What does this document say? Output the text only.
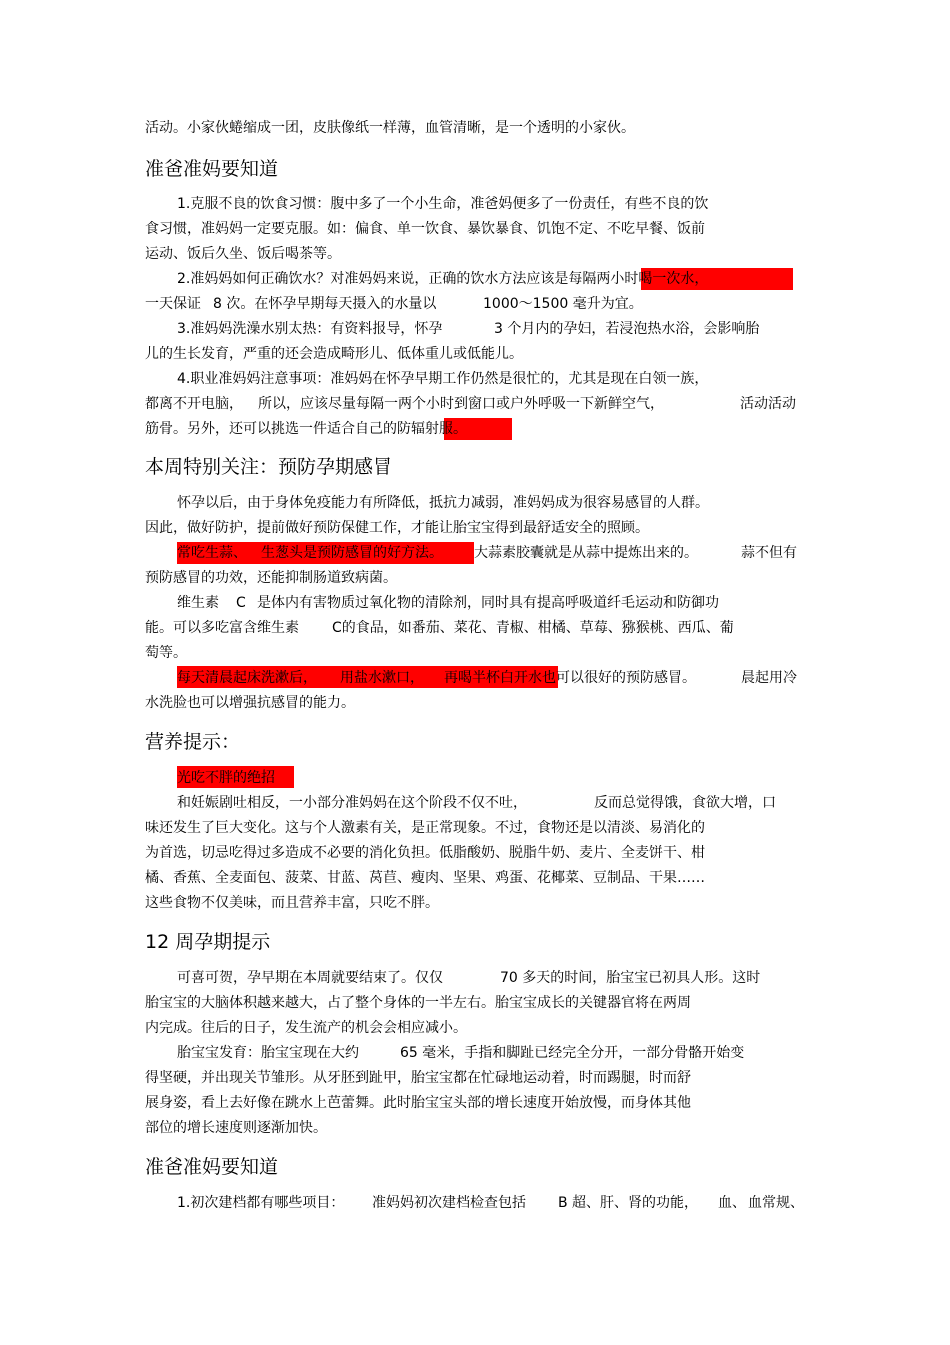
活动。小家伙蜷缩成一团，皮肤像纸一样薄，血管清晰，是一个透明的小家伙。
准爸准妈要知道
1.克服不良的饮食习惯：腹中多了一个小生命，准爸妈便多了一份责任，有些不良的饮
食习惯，准妈妈一定要克服。如：偏食、单一饮食、暴饮暴食、饥饱不定、不吃早餐、饭前
运动、饭后久坐、饭后喝茶等。
2.准妈妈如何正确饮水？对准妈妈来说，正确的饮水方法应该是每隔两小时喝一次水，
一天保证 8 次。在怀孕早期每天摄入的水量以	1000～1500 毫升为宜。
3.准妈妈洗澡水别太热：有资料报导，怀孕	3 个月内的孕妇，若浸泡热水浴，会影响胎
儿的生长发育，严重的还会造成畸形儿、低体重儿或低能儿。
4.职业准妈妈注意事项：准妈妈在怀孕早期工作仍然是很忙的，尤其是现在白领一族，
都离不开电脑， 所以，应该尽量每隔一两个小时到窗口或户外呼吸一下新鲜空气，	活动活动
筋骨。另外，还可以挑选一件适合自己的防辐射服。
本周特别关注：预防孕期感冒
怀孕以后，由于身体免疫能力有所降低，抵抗力减弱，准妈妈成为很容易感冒的人群。
因此，做好防护，提前做好预防保健工作，才能让胎宝宝得到最舒适安全的照顾。
常吃生蒜、 生葱头是预防感冒的好方法。 大蒜素胶囊就是从蒜中提炼出来的。	蒜不但有
预防感冒的功效，还能抑制肠道致病菌。
维生素 C 是体内有害物质过氧化物的清除剂，同时具有提高呼吸道纤毛运动和防御功
能。可以多吃富含维生素 C的食品，如番茄、菜花、青椒、柑橘、草莓、猕猴桃、西瓜、葡
萄等。
每天清晨起床洗漱后， 用盐水漱口， 再喝半杯白开水也可以很好的预防感冒。	晨起用冷
水洗脸也可以增强抗感冒的能力。
营养提示：
光吃不胖的绝招
和妊娠剧吐相反，一小部分准妈妈在这个阶段不仅不吐，	反而总觉得饿，食欲大增，口
味还发生了巨大变化。这与个人激素有关，是正常现象。不过，食物还是以清淡、易消化的
为首选，切忌吃得过多造成不必要的消化负担。低脂酸奶、脱脂牛奶、麦片、全麦饼干、柑
橘、香蕉、全麦面包、菠菜、甘蓝、莴苣、瘦肉、坚果、鸡蛋、花椰菜、豆制品、干果……
这些食物不仅美味，而且营养丰富，只吃不胖。
12 周孕期提示
可喜可贺，孕早期在本周就要结束了。仅仅	70 多天的时间，胎宝宝已初具人形。这时
胎宝宝的大脑体积越来越大，占了整个身体的一半左右。胎宝宝成长的关键器官将在两周
内完成。往后的日子，发生流产的机会会相应减小。
胎宝宝发育：胎宝宝现在大约	65 毫米，手指和脚趾已经完全分开，一部分骨骼开始变
得坚硬，并出现关节雏形。从牙胚到趾甲，胎宝宝都在忙碌地运动着，时而踢腿，时而舒
展身姿，看上去好像在跳水上芭蕾舞。此时胎宝宝头部的增长速度开始放慢，而身体其他
部位的增长速度则逐渐加快。
准爸准妈要知道
1.初次建档都有哪些项目： 准妈妈初次建档检查包括 B 超、肝、肾的功能， 血、 血常规、
